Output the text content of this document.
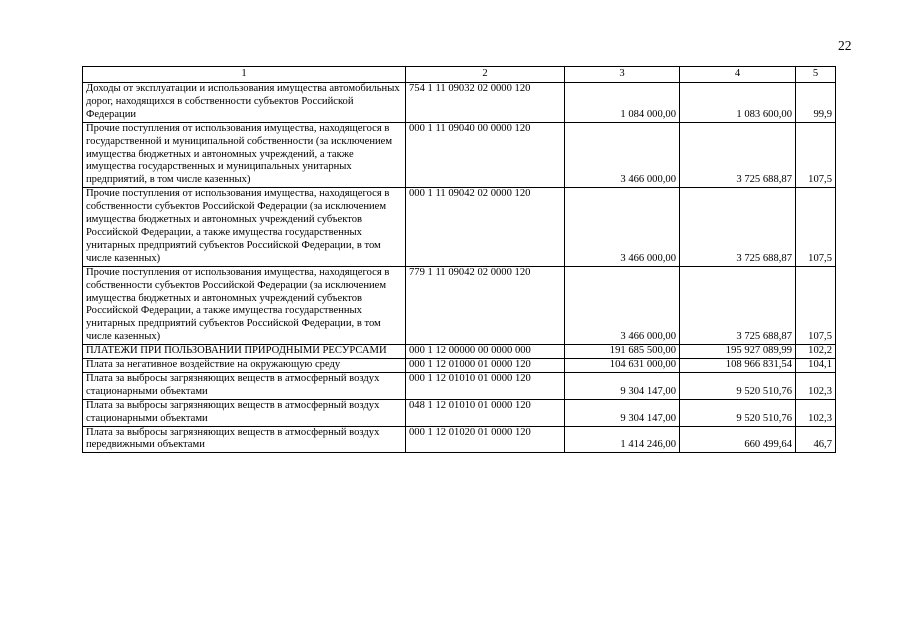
22
1	2	3	4	5
Доходы от эксплуатации и использования имущества автомобильных дорог, находящихся в собственности субъектов Российской Федерации	754 1 11 09032 02 0000 120	1 084 000,00	1 083 600,00	99,9
Прочие поступления от использования имущества, находящегося в государственной и муниципальной собственности (за исключением имущества бюджетных и автономных учреждений, а также имущества государственных и муниципальных унитарных предприятий, в том числе казенных)	000 1 11 09040 00 0000 120	3 466 000,00	3 725 688,87	107,5
Прочие поступления от использования имущества, находящегося в собственности субъектов Российской Федерации (за исключением имущества бюджетных и автономных учреждений субъектов Российской Федерации, а также имущества государственных унитарных предприятий субъектов Российской Федерации, в том числе казенных)	000 1 11 09042 02 0000 120	3 466 000,00	3 725 688,87	107,5
Прочие поступления от использования имущества, находящегося в собственности субъектов Российской Федерации (за исключением имущества бюджетных и автономных учреждений субъектов Российской Федерации, а также имущества государственных унитарных предприятий субъектов Российской Федерации, в том числе казенных)	779 1 11 09042 02 0000 120	3 466 000,00	3 725 688,87	107,5
ПЛАТЕЖИ ПРИ ПОЛЬЗОВАНИИ ПРИРОДНЫМИ РЕСУРСАМИ	000 1 12 00000 00 0000 000	191 685 500,00	195 927 089,99	102,2
Плата за негативное воздействие на окружающую среду	000 1 12 01000 01 0000 120	104 631 000,00	108 966 831,54	104,1
Плата за выбросы загрязняющих веществ в атмосферный воздух стационарными объектами	000 1 12 01010 01 0000 120	9 304 147,00	9 520 510,76	102,3
Плата за выбросы загрязняющих веществ в атмосферный воздух стационарными объектами	048 1 12 01010 01 0000 120	9 304 147,00	9 520 510,76	102,3
Плата за выбросы загрязняющих веществ в атмосферный воздух передвижными объектами	000 1 12 01020 01 0000 120	1 414 246,00	660 499,64	46,7
